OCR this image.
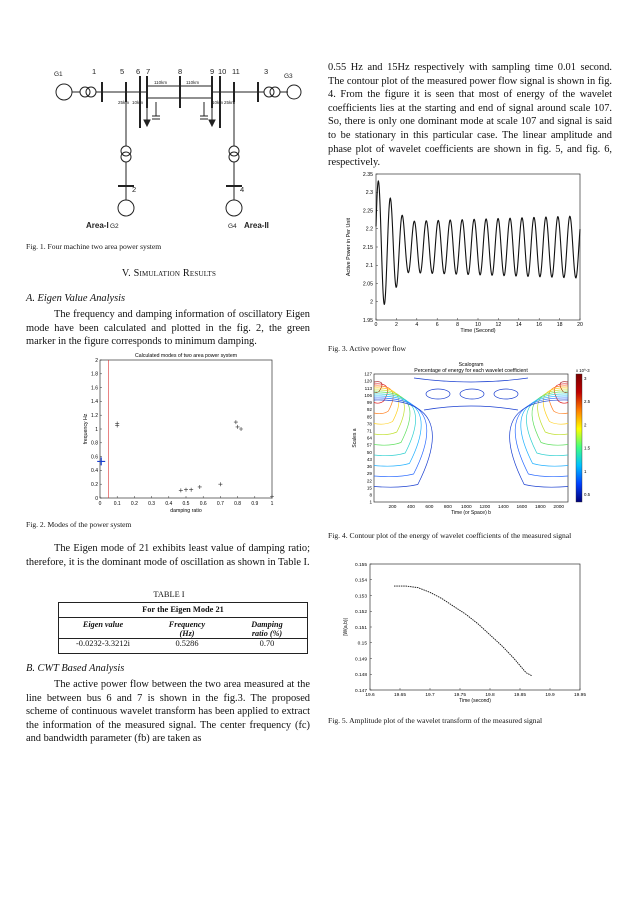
1	5 6 7	8	9 10 11	3
G1	G3
G2	G4
2	4
25km 10km
110km	110km
10km 25km
Area-I	Area-II
Fig. 1. Four machine two area power system
V. Simulation Results
A. Eigen Value Analysis
The frequency and damping information of oscillatory Eigen mode have been calculated and plotted in the fig. 2, the green marker in the figure corresponds to minimum damping.
Calculated modes of two area power system
0 0.1 0.2 0.3 0.4 0.5 0.6 0.7 0.8 0.9 1
0
0.2
0.4
0.6
0.8
1
1.2
1.4
1.6
1.8
2
damping ratio
frequency Hz
Fig. 2. Modes of the power system
The Eigen mode of 21 exhibits least value of damping ratio; therefore, it is the dominant mode of oscillation as shown in Table I.
TABLE I
For the Eigen Mode 21
Eigen value	Frequency
(Hz)
Damping
ratio (%)
-0.0232-3.3212i	0.5286	0.70
B. CWT Based Analysis
The active power flow between the two area measured at the line between bus 6 and 7 is shown in the fig.3. The proposed scheme of continuous wavelet transform has been applied to extract the information of the measured signal. The center frequency (fc) and bandwidth parameter (fb) are taken as
0.55 Hz and 15Hz respectively with sampling time 0.01 second. The contour plot of the measured power flow signal is shown in fig. 4. From the figure it is seen that most of energy of the wavelet coefficients lies at the starting and end of signal around scale 107. So, there is only one dominant mode at scale 107 and signal is said to be stationary in this particular case. The linear amplitude and phase plot of wavelet coefficients are shown in fig. 5, and fig. 6, respectively.
0	2	4	6	8	10	12	14	16	18	20
1.95
2
2.05
2.1
2.15
2.2
2.25
2.3
2.35
Time (Second)
Active Power in Per Unit
Fig. 3. Active power flow
Scalogram
Percentage of energy for each wavelet coefficient
127
120
113
106
99
92
85
78
71
64
57
50
43
36
29
22
15
8
1
200 400 600 800 1000 1200 1400 1600 1800 2000
Time (or Space) b
Scales a
x 10^-3
3
2.5
2
1.5
1
0.5
Fig. 4. Contour plot of the energy of wavelet coefficients of the measured signal
19.6	19.65	19.7	19.75	19.8	19.85	19.9	19.95
0.155
0.154
0.153
0.152
0.151
0.15
0.149
0.148
0.147
Time (second)
|W(a,b)|
Fig. 5. Amplitude plot of the wavelet transform of the measured signal
